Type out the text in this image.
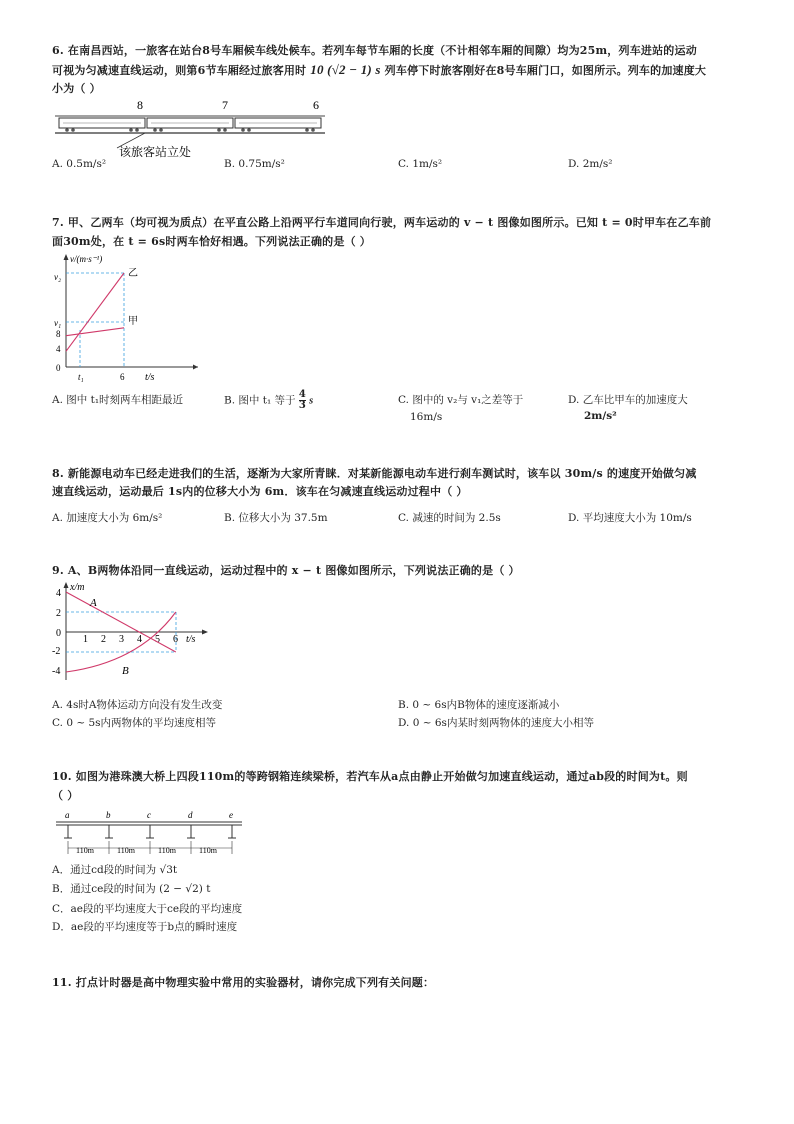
6. 在南昌西站，一旅客在站台8号车厢候车线处候车。若列车每节车厢的长度（不计相邻车厢的间隙）均为25m，列车进站的运动
可视为匀减速直线运动，则第6节车厢经过旅客用时 10 (√2 − 1) s 列车停下时旅客刚好在8号车厢门口，如图所示。列车的加速度大
小为（ ）
8	7	6
该旅客站立处
A. 0.5m/s²	B. 0.75m/s²	C. 1m/s²	D. 2m/s²
7. 甲、乙两车（均可视为质点）在平直公路上沿两平行车道同向行驶，两车运动的 v − t 图像如图所示。已知 t = 0时甲车在乙车前
面30m处，在 t = 6s时两车恰好相遇。下列说法正确的是（ ）
v/(m·s⁻¹)
t/s
v₂
v₁
8
4
0
t₁	6
乙
甲
A. 图中 t₁时刻两车相距最近	B. 图中 t₁ 等于 $\frac{4}{3}$ s	C. 图中的 v₂与 v₁之差等于
16m/s
D. 乙车比甲车的加速度大
2m/s²
8. 新能源电动车已经走进我们的生活，逐渐为大家所青睐．对某新能源电动车进行刹车测试时，该车以 30m/s 的速度开始做匀减
速直线运动，运动最后 1s内的位移大小为 6m．该车在匀减速直线运动过程中（ ）
A. 加速度大小为 6m/s²	B. 位移大小为 37.5m	C. 减速的时间为 2.5s	D. 平均速度大小为 10m/s
9. A、B两物体沿同一直线运动，运动过程中的 x − t 图像如图所示，下列说法正确的是（ ）
x/m
t/s
4
2
0
-2
-4
1 2 3 4 5 6
A
B
A. 4s时A物体运动方向没有发生改变	B. 0 ~ 6s内B物体的速度逐渐减小
C. 0 ~ 5s内两物体的平均速度相等	D. 0 ~ 6s内某时刻两物体的速度大小相等
10. 如图为港珠澳大桥上四段110m的等跨钢箱连续梁桥，若汽车从a点由静止开始做匀加速直线运动，通过ab段的时间为t。则
（ ）
a	b	c	d	e
110m	110m	110m	110m
A．通过cd段的时间为 √3t
B．通过ce段的时间为 (2 − √2) t
C．ae段的平均速度大于ce段的平均速度
D．ae段的平均速度等于b点的瞬时速度
11. 打点计时器是高中物理实验中常用的实验器材，请你完成下列有关问题：
